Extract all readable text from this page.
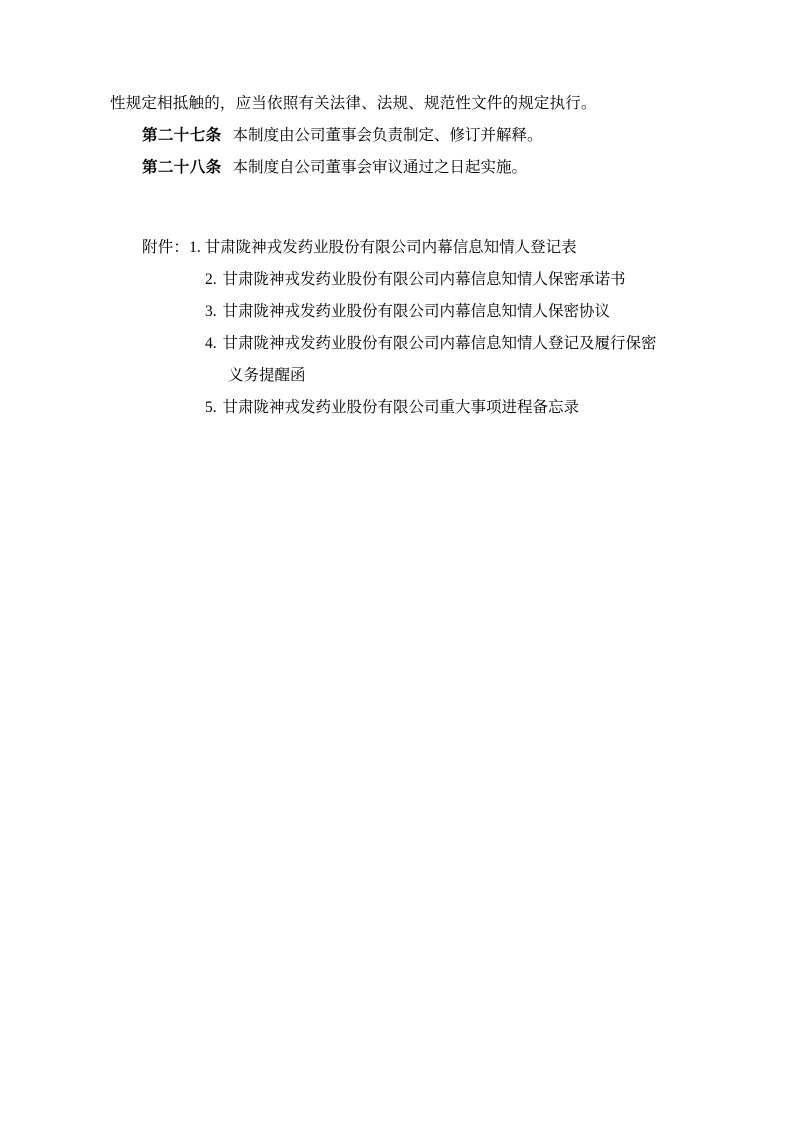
性规定相抵触的，应当依照有关法律、法规、规范性文件的规定执行。
第二十七条 本制度由公司董事会负责制定、修订并解释。
第二十八条 本制度自公司董事会审议通过之日起实施。
附件：1. 甘肃陇神戎发药业股份有限公司内幕信息知情人登记表
2. 甘肃陇神戎发药业股份有限公司内幕信息知情人保密承诺书
3. 甘肃陇神戎发药业股份有限公司内幕信息知情人保密协议
4. 甘肃陇神戎发药业股份有限公司内幕信息知情人登记及履行保密
义务提醒函
5. 甘肃陇神戎发药业股份有限公司重大事项进程备忘录
